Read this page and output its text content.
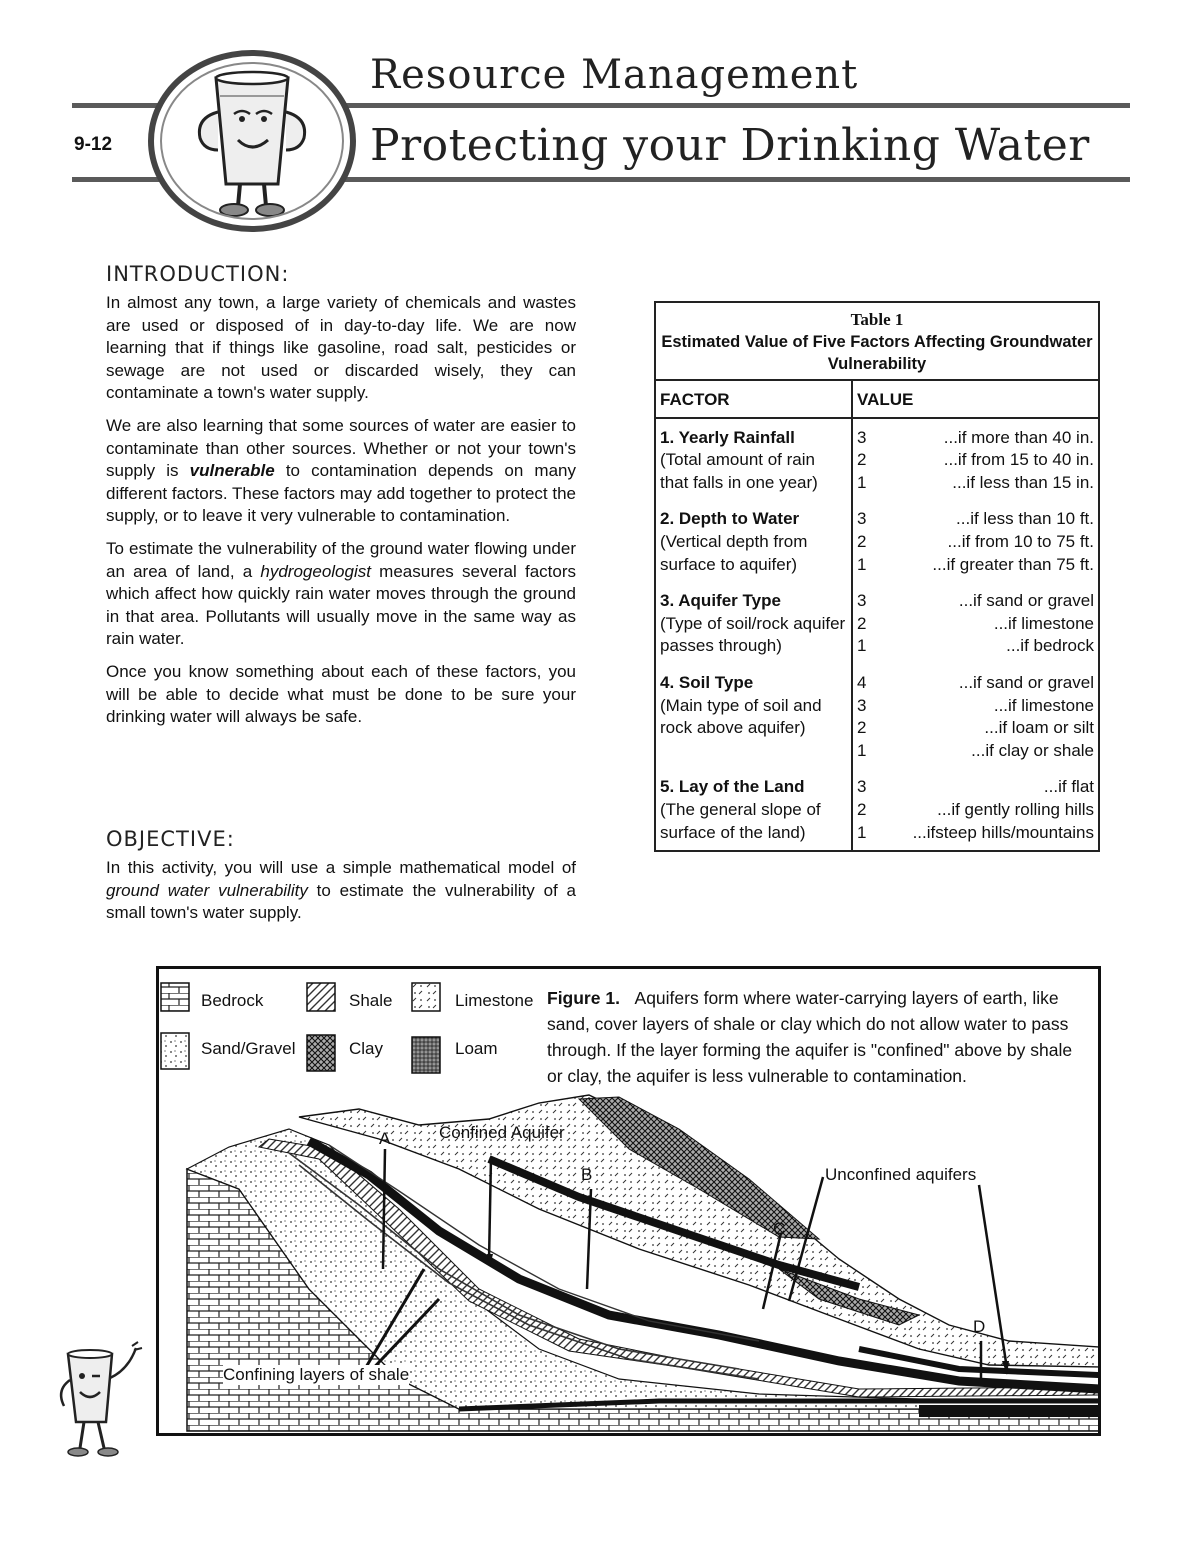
9-12
Resource Management
Protecting your Drinking Water
INTRODUCTION:

In almost any town, a large variety of chemicals and wastes are used or disposed of in day-to-day life. We are now learning that if things like gasoline, road salt, pesticides or sewage are not used or discarded wisely, they can contaminate a town's water supply.

We are also learning that some sources of water are easier to contaminate than other sources. Whether or not your town's supply is vulnerable to contamination depends on many different factors. These factors may add together to protect the supply, or to leave it very vulnerable to contamination.

To estimate the vulnerability of the ground water flowing under an area of land, a hydrogeologist measures several factors which affect how quickly rain water moves through the ground in that area. Pollutants will usually move in the same way as rain water.

Once you know something about each of these factors, you will be able to decide what must be done to be sure your drinking water will always be safe.

OBJECTIVE:

In this activity, you will use a simple mathematical model of ground water vulnerability to estimate the vulnerability of a small town's water supply.

Table 1
Estimated Value of Five Factors Affecting Groundwater Vulnerability
FACTOR	VALUE
1. Yearly Rainfall
(Total amount of rain that falls in one year)
3	...if more than 40 in.
2	...if from 15 to 40 in.
1	...if less than 15 in.
2. Depth to Water
(Vertical depth from surface to aquifer)
3	...if less than 10 ft.
2	...if from 10 to 75 ft.
1	...if greater than 75 ft.
3. Aquifer Type
(Type of soil/rock aquifer passes through)
3	...if sand or gravel
2	...if limestone
1	...if bedrock
4. Soil Type
(Main type of soil and rock above aquifer)
4	...if sand or gravel
3	...if limestone
2	...if loam or silt
1	...if clay or shale
5. Lay of the Land
(The general slope of surface of the land)
3	...if flat
2	...if gently rolling hills
1	...ifsteep hills/mountains
Bedrock	Shale	Limestone
Sand/Gravel	Clay	Loam
Figure 1. Aquifers form where water-carrying layers of earth, like sand, cover layers of shale or clay which do not allow water to pass through. If the layer forming the aquifer is "confined" above by shale or clay, the aquifer is less vulnerable to contamination.
A	Confined Aquifer
B	Unconfined aquifers
C
D
Confining layers of shale
